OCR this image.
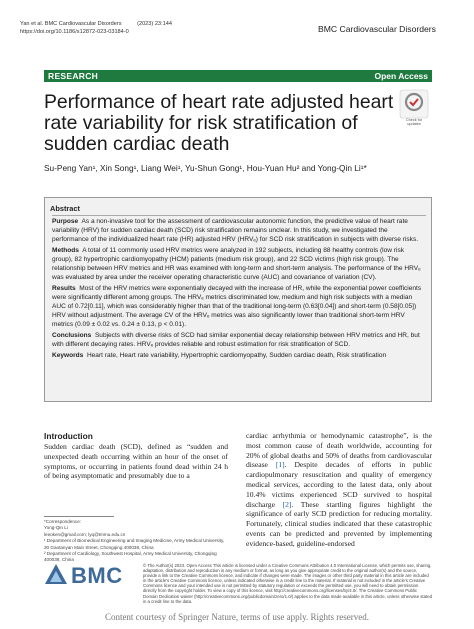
Yan et al. BMC Cardiovascular Disorders          (2023) 23:144
https://doi.org/10.1186/s12872-023-03184-0	BMC Cardiovascular Disorders
RESEARCH	Open Access
Performance of heart rate adjusted heart rate variability for risk stratification of sudden cardiac death
Check for updates
Su-Peng Yan¹, Xin Song¹, Liang Wei¹, Yu-Shun Gong¹, Hou-Yuan Hu² and Yong-Qin Li¹*
Abstract

Purpose As a non-invasive tool for the assessment of cardiovascular autonomic function, the predictive value of heart rate variability (HRV) for sudden cardiac death (SCD) risk stratification remains unclear. In this study, we investigated the performance of the individualized heart rate (HR) adjusted HRV (HRVₑ) for SCD risk stratification in subjects with diverse risks.

Methods A total of 11 commonly used HRV metrics were analyzed in 192 subjects, including 88 healthy controls (low risk group), 82 hypertrophic cardiomyopathy (HCM) patients (medium risk group), and 22 SCD victims (high risk group). The relationship between HRV metrics and HR was examined with long-term and short-term analysis. The performance of the HRVₑ was evaluated by area under the receiver operating characteristic curve (AUC) and covariance of variation (CV).

Results Most of the HRV metrics were exponentially decayed with the increase of HR, while the exponential power coefficients were significantly different among groups. The HRVₑ metrics discriminated low, medium and high risk subjects with a median AUC of 0.72[0.11], which was considerably higher than that of the traditional long-term (0.63[0.04]) and short-term (0.58[0.05]) HRV without adjustment. The average CV of the HRVₑ metrics was also significantly lower than traditional short-term HRV metrics (0.09 ± 0.02 vs. 0.24 ± 0.13, p < 0.01).

Conclusions Subjects with diverse risks of SCD had similar exponential decay relationship between HRV metrics and HR, but with different decaying rates. HRVₑ provides reliable and robust estimation for risk stratification of SCD.

Keywords Heart rate, Heart rate variability, Hypertrophic cardiomyopathy, Sudden cardiac death, Risk stratification

Introduction

Sudden cardiac death (SCD), defined as “sudden and unexpected death occurring within an hour of the onset of symptoms, or occurring in patients found dead within 24 h of being asymptomatic and presumably due to a

cardiac arrhythmia or hemodynamic catastrophe”, is the most common cause of death worldwide, accounting for 20% of global deaths and 50% of deaths from cardiovascular disease [1]. Despite decades of efforts in public cardiopulmonary resuscitation and quality of emergency medical services, according to the latest data, only about 10.4% victims experienced SCD survived to hospital discharge [2]. These startling figures highlight the significance of early SCD prediction for reducing mortality. Fortunately, clinical studies indicated that these catastrophic events can be predicted and prevented by implementing evidence-based, guideline-endorsed

*Correspondence:
Yong-Qin Li
leeoken@gmail.com; lyq@tmmu.edu.cn
¹ Department of Biomedical Engineering and Imaging Medicine, Army Medical University, 30 Gaotanyan Main Street, Chongqing 400038, China
² Department of Cardiology, Southwest Hospital, Army Medical University, Chongqing 400038, China
BMC	© The Author(s) 2023. Open Access This article is licensed under a Creative Commons Attribution 4.0 International License, which permits use, sharing, adaptation, distribution and reproduction in any medium or format, as long as you give appropriate credit to the original author(s) and the source, provide a link to the Creative Commons licence, and indicate if changes were made. The images or other third party material in this article are included in the article’s Creative Commons licence, unless indicated otherwise in a credit line to the material. If material is not included in the article’s Creative Commons licence and your intended use is not permitted by statutory regulation or exceeds the permitted use, you will need to obtain permission directly from the copyright holder. To view a copy of this licence, visit http://creativecommons.org/licenses/by/4.0/. The Creative Commons Public Domain Dedication waiver (http://creativecommons.org/publicdomain/zero/1.0/) applies to the data made available in this article, unless otherwise stated in a credit line to the data.
Content courtesy of Springer Nature, terms of use apply. Rights reserved.
